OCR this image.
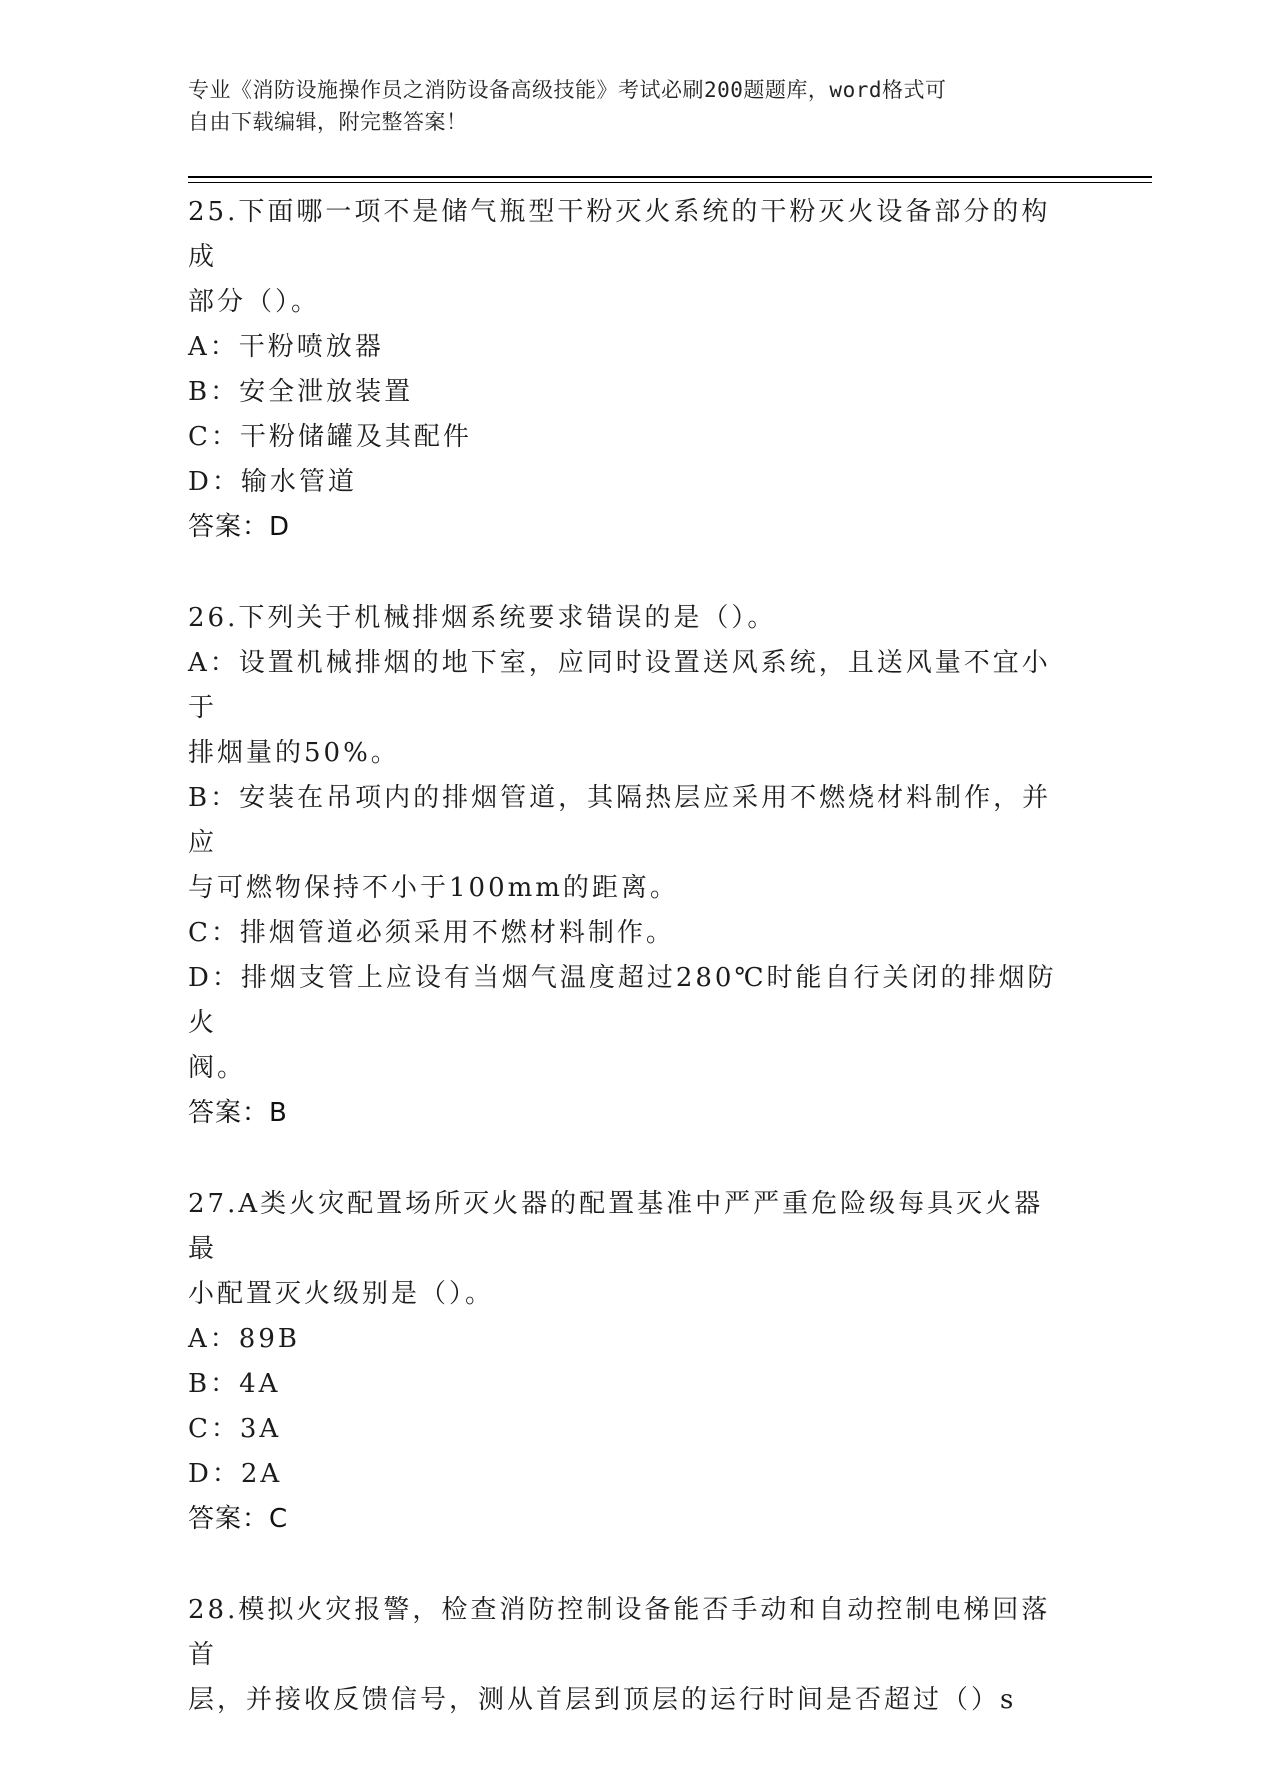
专业《消防设施操作员之消防设备高级技能》考试必刷200题题库，word格式可
自由下载编辑，附完整答案！
25.下面哪一项不是储气瓶型干粉灭火系统的干粉灭火设备部分的构成
部分（）。
A：干粉喷放器
B：安全泄放装置
C：干粉储罐及其配件
D：输水管道
答案：D
26.下列关于机械排烟系统要求错误的是（）。
A：设置机械排烟的地下室，应同时设置送风系统，且送风量不宜小于
排烟量的50%。
B：安装在吊项内的排烟管道，其隔热层应采用不燃烧材料制作，并应
与可燃物保持不小于100mm的距离。
C：排烟管道必须采用不燃材料制作。
D：排烟支管上应设有当烟气温度超过280℃时能自行关闭的排烟防火
阀。
答案：B
27.A类火灾配置场所灭火器的配置基准中严严重危险级每具灭火器最
小配置灭火级别是（）。
A：89B
B：4A
C：3A
D：2A
答案：C
28.模拟火灾报警，检查消防控制设备能否手动和自动控制电梯回落首
层，并接收反馈信号，测从首层到顶层的运行时间是否超过（）s
